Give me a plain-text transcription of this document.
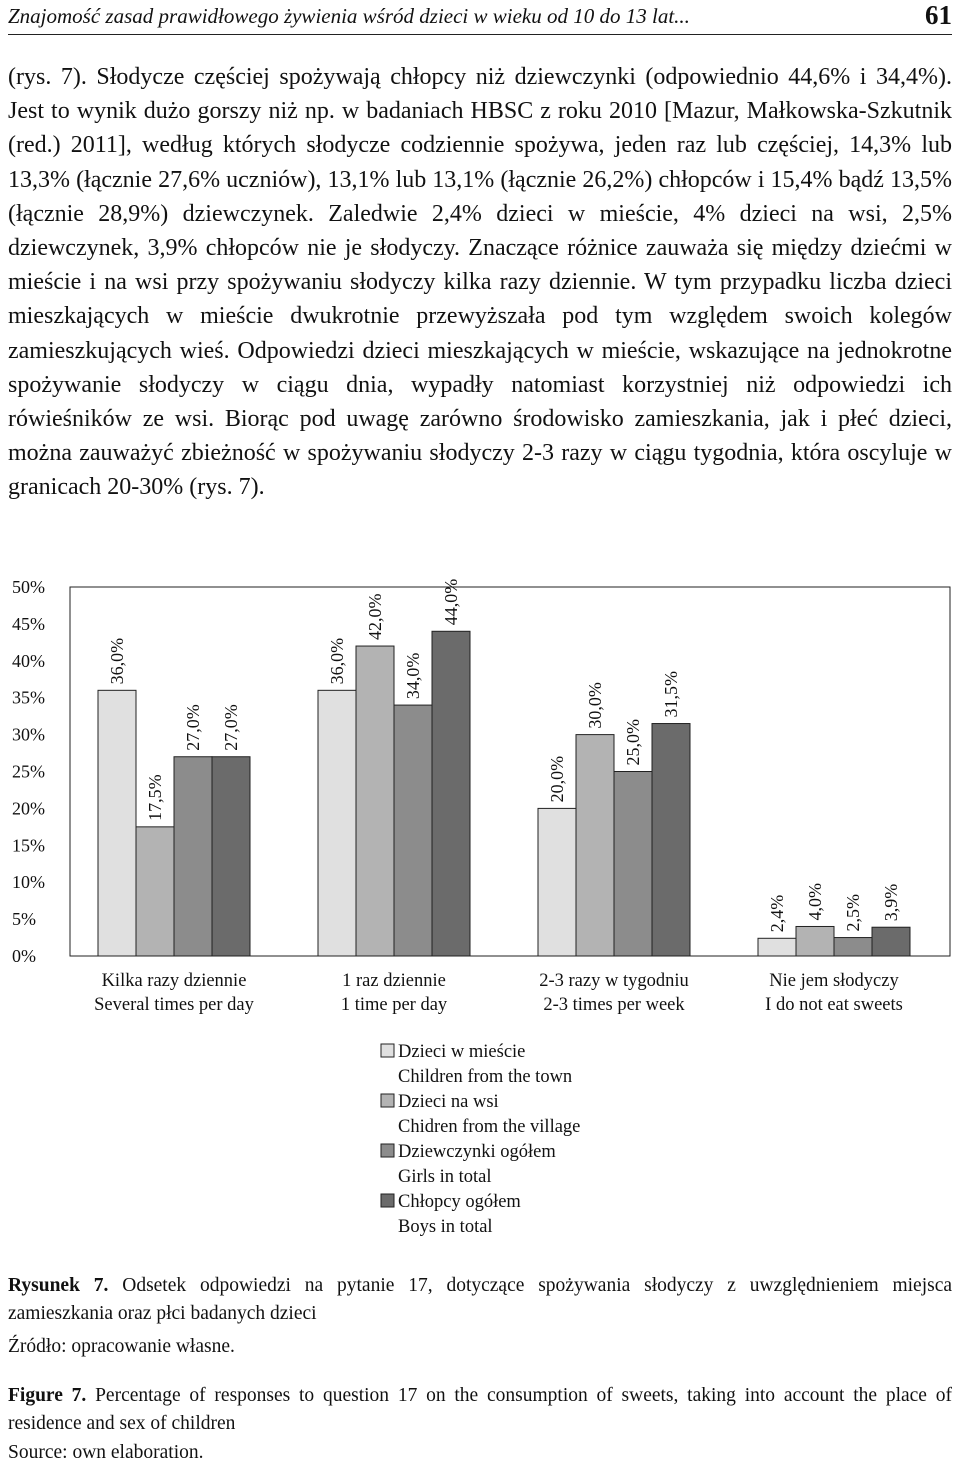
Znajomość zasad prawidłowego żywienia wśród dzieci w wieku od 10 do 13 lat...	61

(rys. 7). Słodycze częściej spożywają chłopcy niż dziewczynki (odpowiednio 44,6% i 34,4%). Jest to wynik dużo gorszy niż np. w badaniach HBSC z roku 2010 [Mazur, Małkowska-Szkutnik (red.) 2011], według których słodycze codziennie spożywa, jeden raz lub częściej, 14,3% lub 13,3% (łącznie 27,6% uczniów), 13,1% lub 13,1% (łącznie 26,2%) chłopców i 15,4% bądź 13,5% (łącznie 28,9%) dziewczynek. Zaledwie 2,4% dzieci w mieście, 4% dzieci na wsi, 2,5% dziewczynek, 3,9% chłopców nie je słodyczy. Znaczące różnice zauważa się między dziećmi w mieście i na wsi przy spożywaniu słodyczy kilka razy dziennie. W tym przypadku liczba dzieci mieszkających w mieście dwukrotnie przewyższała pod tym względem swoich kolegów zamieszkujących wieś. Odpowiedzi dzieci mieszkających w mieście, wskazujące na jednokrotne spożywanie słodyczy w ciągu dnia, wypadły natomiast korzystniej niż odpowiedzi ich rówieśników ze wsi. Biorąc pod uwagę zarówno środowisko zamieszkania, jak i płeć dzieci, można zauważyć zbieżność w spożywaniu słodyczy 2-3 razy w ciągu tygodnia, która oscyluje w granicach 20-30% (rys. 7).

0%
5%
10%
15%
20%
25%
30%
35%
40%
45%
50%
36,0%
17,5%
27,0% 27,0%
Kilka razy dziennie
Several times per day
36,0%
42,0%
34,0%
44,0%
1 raz dziennie
1 time per day
20,0%
30,0%
25,0%
31,5%
2-3 razy w tygodniu
2-3 times per week
2,4% 4,0% 2,5% 3,9%
Nie jem słodyczy
I do not eat sweets
Dzieci w mieście
Children from the town
Dzieci na wsi
Chidren from the village
Dziewczynki ogółem
Girls in total
Chłopcy ogółem
Boys in total
Rysunek 7. Odsetek odpowiedzi na pytanie 17, dotyczące spożywania słodyczy z uwzględnieniem miejsca zamieszkania oraz płci badanych dzieci
Źródło: opracowanie własne.
Figure 7. Percentage of responses to question 17 on the consumption of sweets, taking into account the place of residence and sex of children
Source: own elaboration.
